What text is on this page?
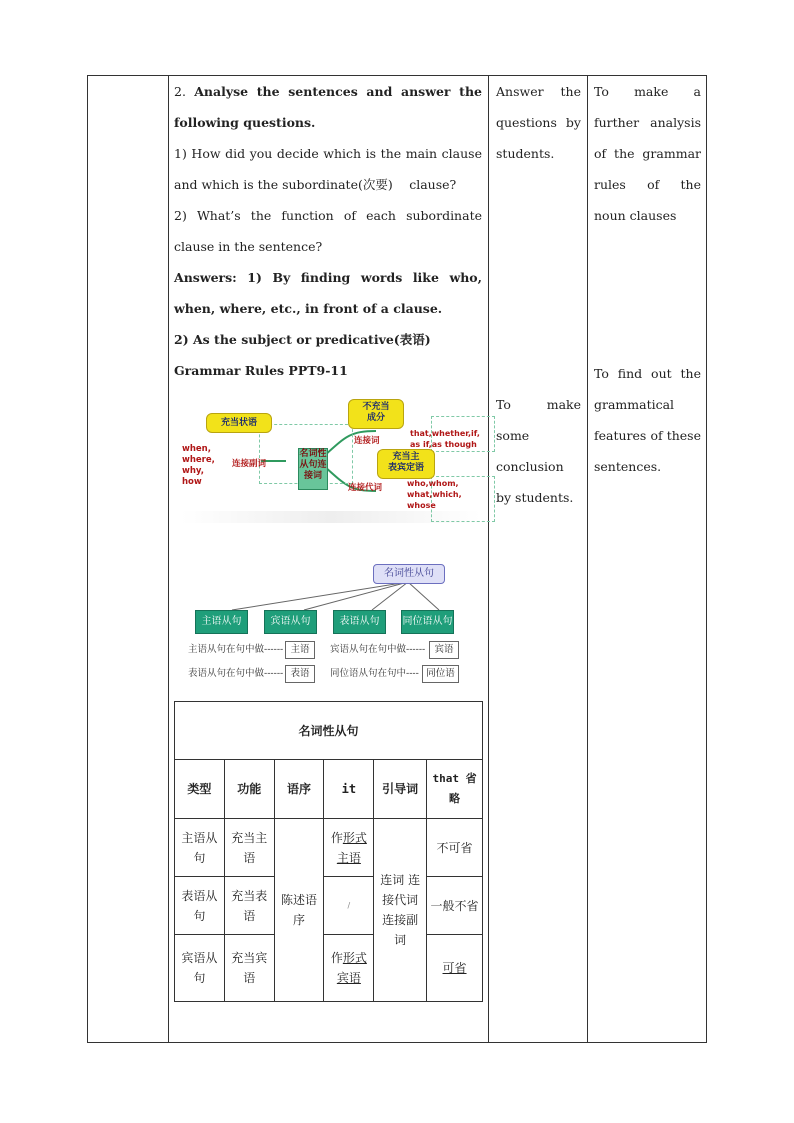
2. Analyse the sentences and answer the following questions.

1) How did you decide which is the main clause and which is the subordinate(次要)　 clause?

2) What’s the function of each subordinate clause in the sentence?

Answers: 1) By finding words like who, when, where, etc., in front of a clause.

2) As the subject or predicative(表语)

Grammar Rules PPT9-11

Answer the questions by students.
To make some conclusion by students.
To make a further analysis of the grammar rules of the noun clauses
To find out the grammatical features of these sentences.
充当状语
不充当
成分
充当主
表宾定语
名词性
从句连
接词
when,
where,
why,
how
连接副词
连接词
that,whether,if,
as if,as though
连接代词	who,whom,
what,which,
whose
名词性从句
主语从句	宾语从句	表语从句	同位语从句
主语从句在句中做------ 主语
表语从句在句中做------ 表语
宾语从句在句中做------ 宾语
同位语从句在句中---- 同位语
名词性从句					
类型	功能	语序	it	引导词	that 省略
主语从句	充当主语	陈述语序	作形式主语	连词 连接代词 连接副词	不可省
表语从句	充当表语		/		一般不省
宾语从句	充当宾语		作形式宾语		可省
